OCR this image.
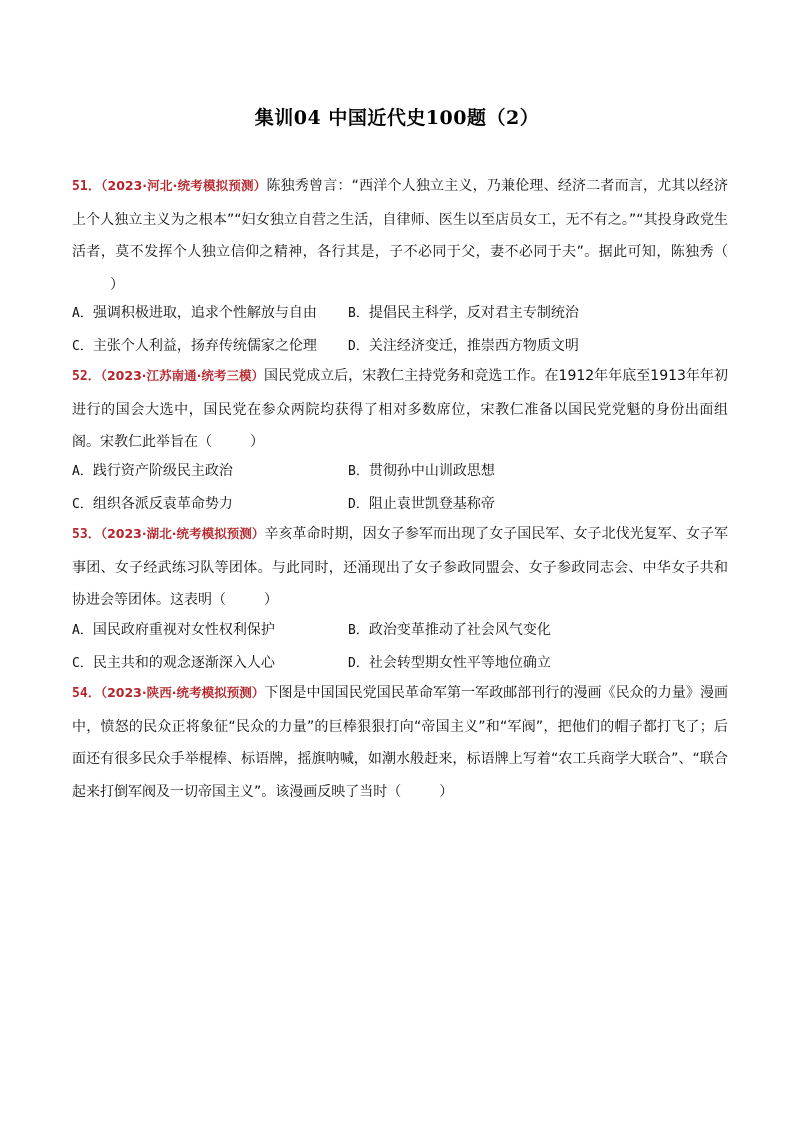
集训04 中国近代史100题（2）
51．（2023·河北·统考模拟预测）陈独秀曾言：“西洋个人独立主义，乃兼伦理、经济二者而言，尤其以经济上个人独立主义为之根本”“妇女独立自营之生活，自律师、医生以至店员女工，无不有之。”“其投身政党生活者，莫不发挥个人独立信仰之精神，各行其是，子不必同于父，妻不必同于夫”。据此可知，陈独秀（）
A．强调积极进取，追求个性解放与自由	B．提倡民主科学，反对君主专制统治
C．主张个人利益，扬弃传统儒家之伦理	D．关注经济变迁，推崇西方物质文明
52．（2023·江苏南通·统考三模）国民党成立后，宋教仁主持党务和竞选工作。在1912年年底至1913年年初进行的国会大选中，国民党在参众两院均获得了相对多数席位，宋教仁准备以国民党党魁的身份出面组阁。宋教仁此举旨在（	）
A．践行资产阶级民主政治	B．贯彻孙中山训政思想
C．组织各派反袁革命势力	D．阻止袁世凯登基称帝
53．（2023·湖北·统考模拟预测）辛亥革命时期，因女子参军而出现了女子国民军、女子北伐光复军、女子军事团、女子经武练习队等团体。与此同时，还涌现出了女子参政同盟会、女子参政同志会、中华女子共和协进会等团体。这表明（	）
A．国民政府重视对女性权利保护	B．政治变革推动了社会风气变化
C．民主共和的观念逐渐深入人心	D．社会转型期女性平等地位确立
54．（2023·陕西·统考模拟预测）下图是中国国民党国民革命军第一军政邮部刊行的漫画《民众的力量》漫画中，愤怒的民众正将象征“民众的力量”的巨棒狠狠打向“帝国主义”和“军阀”，把他们的帽子都打飞了；后面还有很多民众手举棍棒、标语牌，摇旗呐喊，如潮水般赶来，标语牌上写着“农工兵商学大联合”、“联合起来打倒军阀及一切帝国主义”。该漫画反映了当时（	）
